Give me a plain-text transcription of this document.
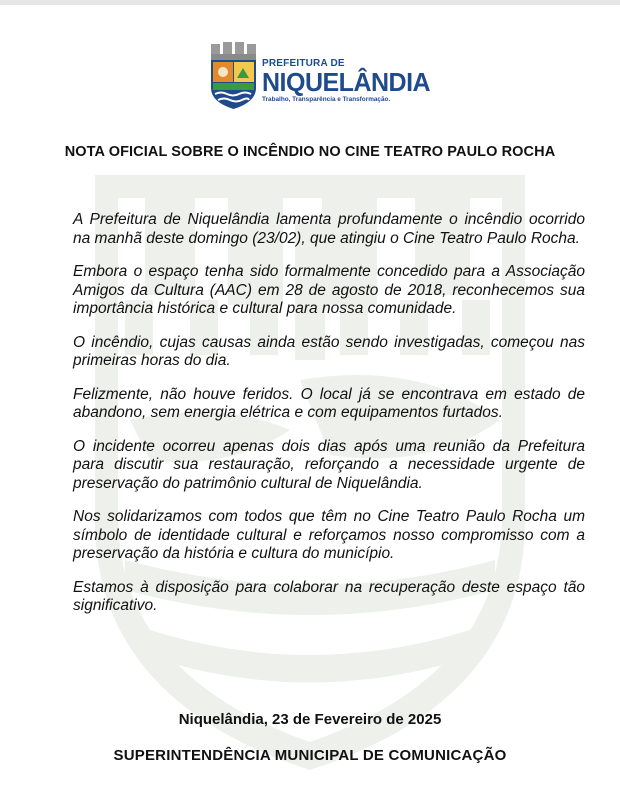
PREFEITURA DE
NIQUELÂNDIA
Trabalho, Transparência e Transformação.
NOTA OFICIAL SOBRE O INCÊNDIO NO CINE TEATRO PAULO ROCHA

A Prefeitura de Niquelândia lamenta profundamente o incêndio ocorrido na manhã deste domingo (23/02), que atingiu o Cine Teatro Paulo Rocha.

Embora o espaço tenha sido formalmente concedido para a Associação Amigos da Cultura (AAC) em 28 de agosto de 2018, reconhecemos sua importância histórica e cultural para nossa comunidade.

O incêndio, cujas causas ainda estão sendo investigadas, começou nas primeiras horas do dia.

Felizmente, não houve feridos. O local já se encontrava em estado de abandono, sem energia elétrica e com equipamentos furtados.

O incidente ocorreu apenas dois dias após uma reunião da Prefeitura para discutir sua restauração, reforçando a necessidade urgente de preservação do patrimônio cultural de Niquelândia.

Nos solidarizamos com todos que têm no Cine Teatro Paulo Rocha um símbolo de identidade cultural e reforçamos nosso compromisso com a preservação da história e cultura do município.

Estamos à disposição para colaborar na recuperação deste espaço tão significativo.

Niquelândia, 23 de Fevereiro de 2025

SUPERINTENDÊNCIA MUNICIPAL DE COMUNICAÇÃO
